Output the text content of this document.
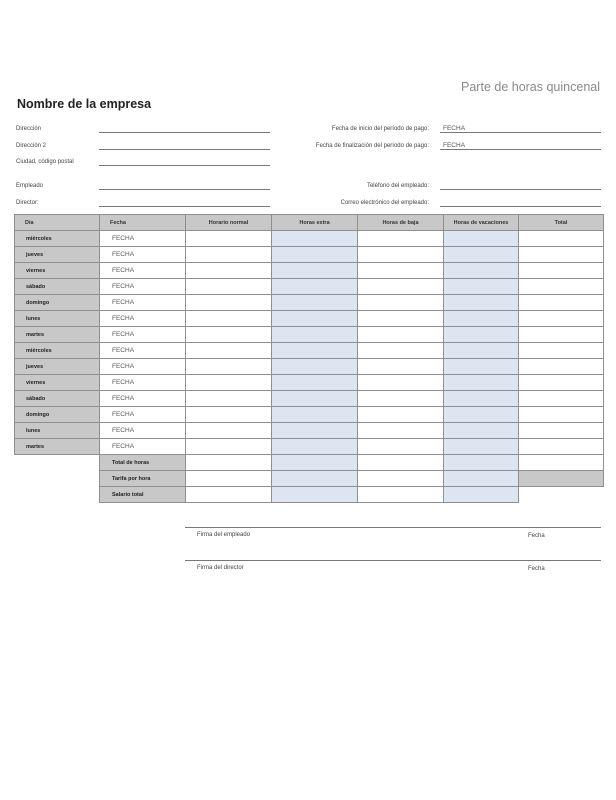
Parte de horas quincenal
Nombre de la empresa
Dirección
Dirección 2
Ciudad, código postal
Empleado
Director:
Fecha de inicio del período de pago: FECHA
Fecha de finalización del período de pago: FECHA
Teléfono del empleado:
Correo electrónico del empleado:
Día	Fecha	Horario normal	Horas extra	Horas de baja	Horas de vacaciones	Total
miércoles	FECHA					
jueves	FECHA					
viernes	FECHA					
sábado	FECHA					
domingo	FECHA					
lunes	FECHA					
martes	FECHA					
miércoles	FECHA					
jueves	FECHA					
viernes	FECHA					
sábado	FECHA					
domingo	FECHA					
lunes	FECHA					
martes	FECHA					
	Total de horas					
	Tarifa por hora					
	Salario total					
Firma del empleado	Fecha
Firma del director	Fecha
